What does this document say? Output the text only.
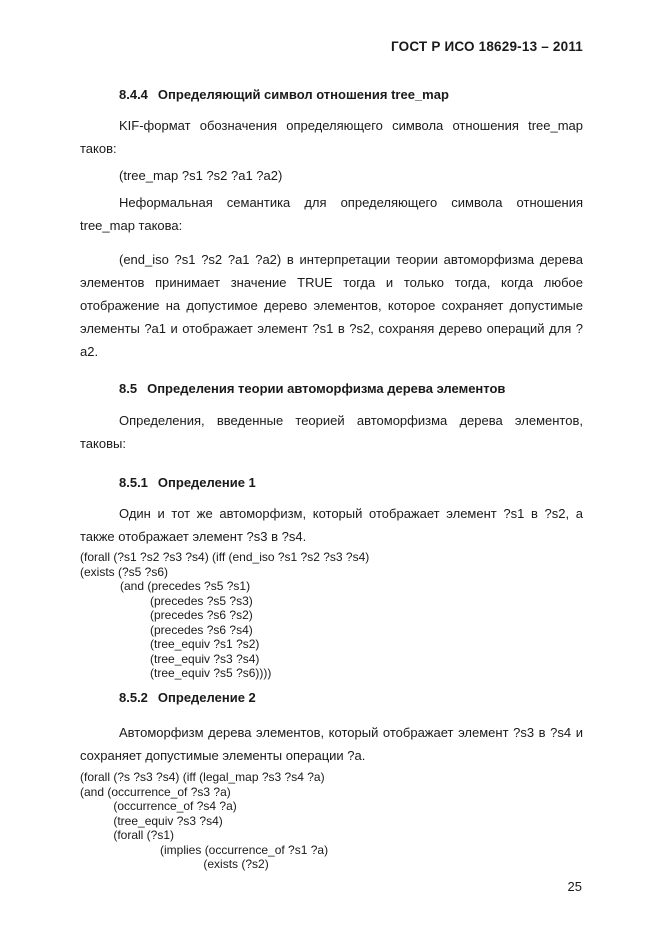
ГОСТ Р ИСО 18629-13 – 2011
8.4.4 Определяющий символ отношения tree_map
KIF-формат обозначения определяющего символа отношения tree_map таков:
(tree_map ?s1 ?s2 ?a1 ?a2)
Неформальная семантика для определяющего символа отношения tree_map такова:
(end_iso ?s1 ?s2 ?a1 ?a2) в интерпретации теории автоморфизма дерева элементов принимает значение TRUE тогда и только тогда, когда любое отображение на допустимое дерево элементов, которое сохраняет допустимые элементы ?a1 и отображает элемент ?s1 в ?s2, сохраняя дерево операций для ?a2.
8.5 Определения теории автоморфизма дерева элементов
Определения, введенные теорией автоморфизма дерева элементов, таковы:
8.5.1 Определение 1
Один и тот же автоморфизм, который отображает элемент ?s1 в ?s2, а также отображает элемент ?s3 в ?s4.
(forall (?s1 ?s2 ?s3 ?s4) (iff (end_iso ?s1 ?s2 ?s3 ?s4)
(exists (?s5 ?s6)
(and (precedes ?s5 ?s1)
(precedes ?s5 ?s3)
(precedes ?s6 ?s2)
(precedes ?s6 ?s4)
(tree_equiv ?s1 ?s2)
(tree_equiv ?s3 ?s4)
(tree_equiv ?s5 ?s6))))
8.5.2 Определение 2
Автоморфизм дерева элементов, который отображает элемент ?s3 в ?s4 и сохраняет допустимые элементы операции ?a.
(forall (?s ?s3 ?s4) (iff (legal_map ?s3 ?s4 ?a)
(and (occurrence_of ?s3 ?a)
(occurrence_of ?s4 ?a)
(tree_equiv ?s3 ?s4)
(forall (?s1)
(implies (occurrence_of ?s1 ?a)
(exists (?s2)
25
